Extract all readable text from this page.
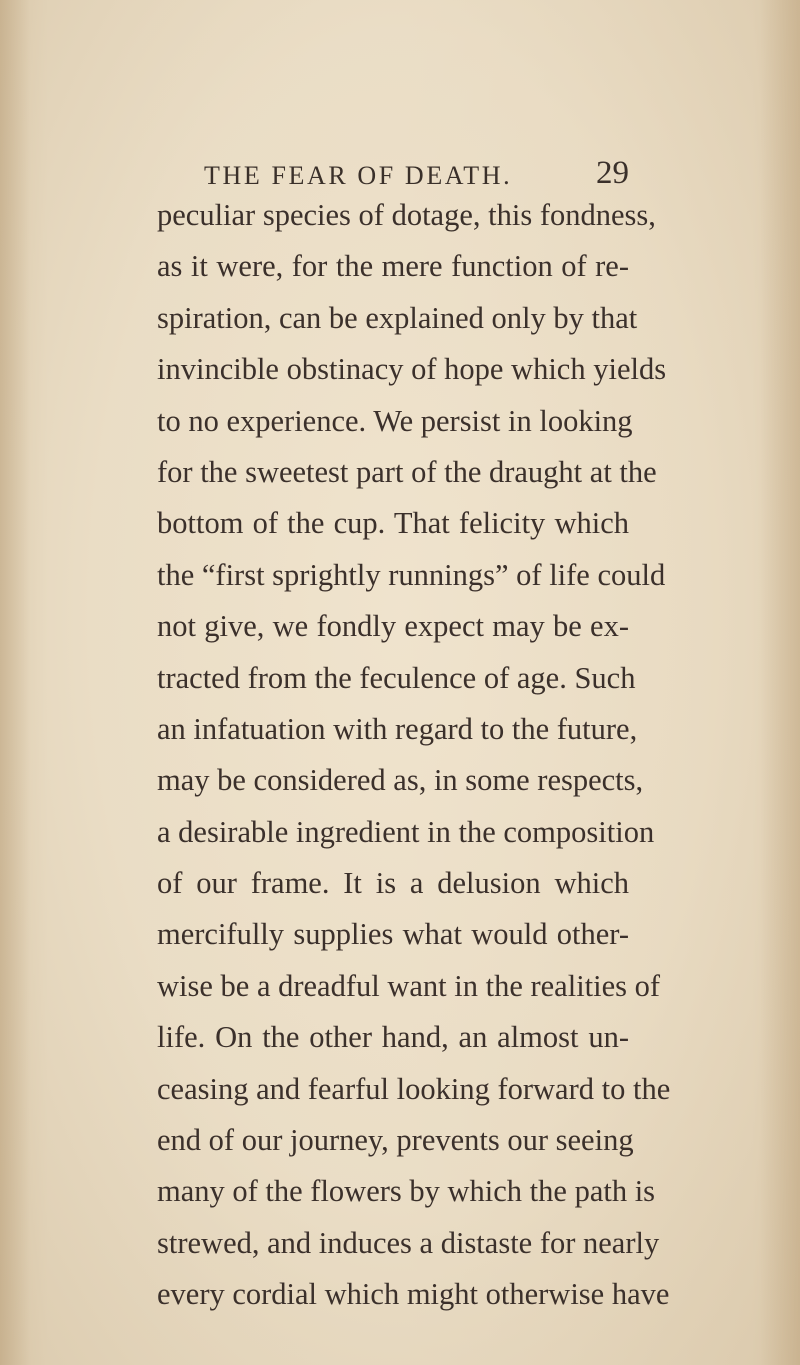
THE FEAR OF DEATH.	29
peculiar species of dotage, this fondness,
as it were, for the mere function of re-
spiration, can be explained only by that
invincible obstinacy of hope which yields
to no experience. We persist in looking
for the sweetest part of the draught at the
bottom of the cup. That felicity which
the “first sprightly runnings” of life could
not give, we fondly expect may be ex-
tracted from the feculence of age. Such
an infatuation with regard to the future,
may be considered as, in some respects,
a desirable ingredient in the composition
of our frame. It is a delusion which
mercifully supplies what would other-
wise be a dreadful want in the realities of
life. On the other hand, an almost un-
ceasing and fearful looking forward to the
end of our journey, prevents our seeing
many of the flowers by which the path is
strewed, and induces a distaste for nearly
every cordial which might otherwise have
